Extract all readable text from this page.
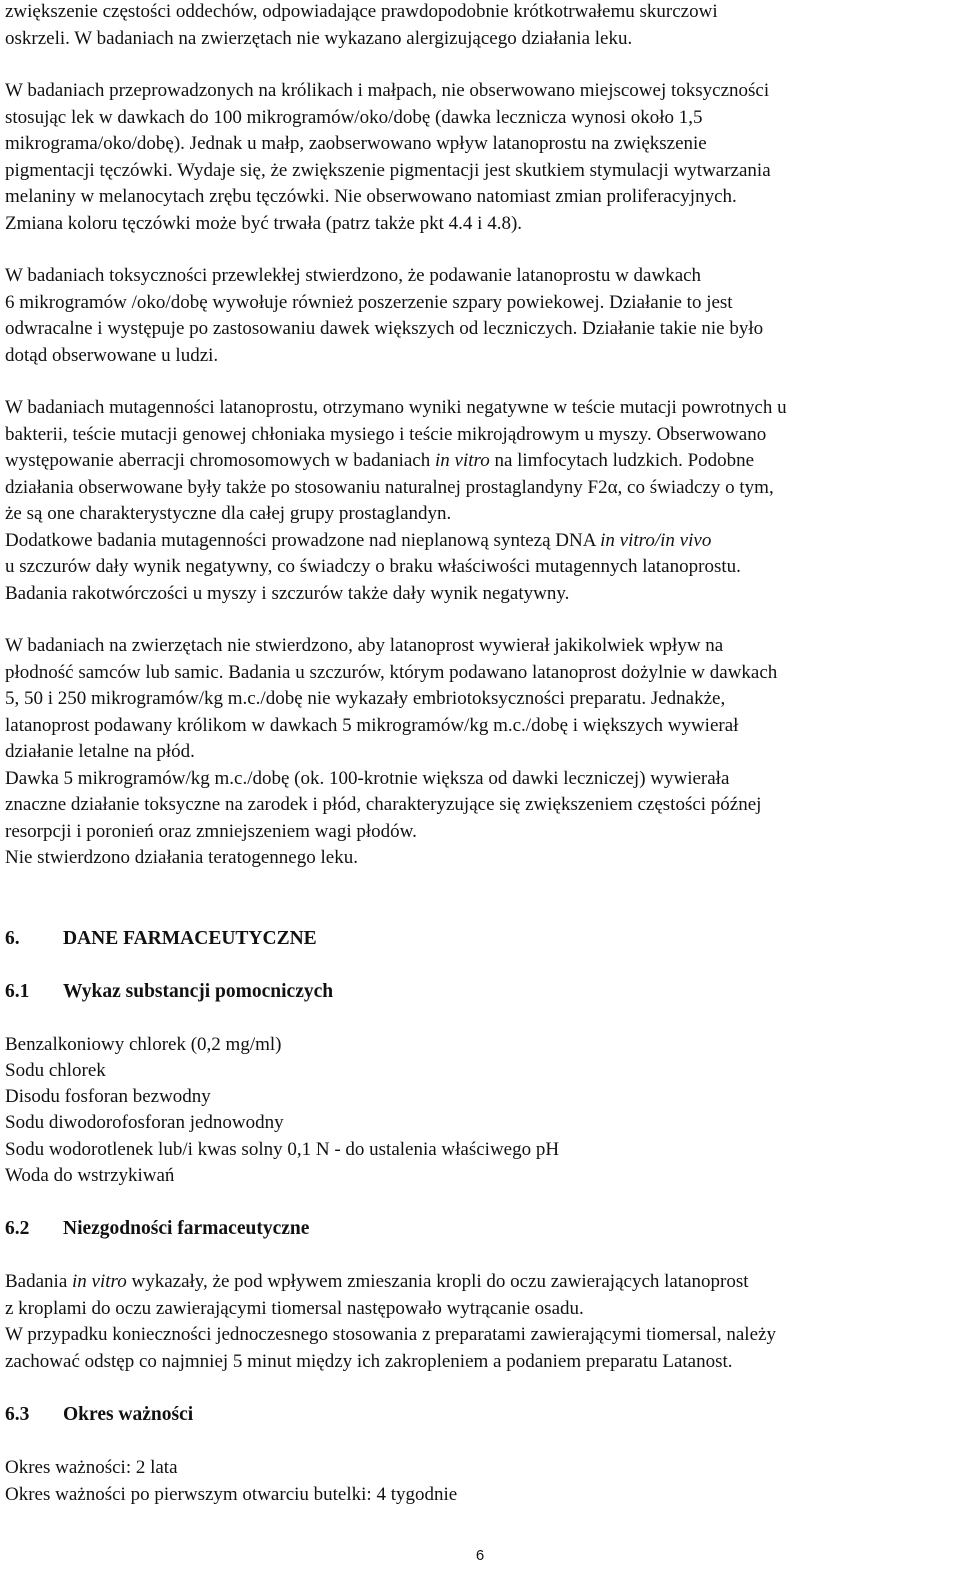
zwiększenie częstości oddechów, odpowiadające prawdopodobnie krótkotrwałemu skurczowi
oskrzeli. W badaniach na zwierzętach nie wykazano alergizującego działania leku.

W badaniach przeprowadzonych na królikach i małpach, nie obserwowano miejscowej toksyczności
stosując lek w dawkach do 100 mikrogramów/oko/dobę (dawka lecznicza wynosi około 1,5
mikrograma/oko/dobę). Jednak u małp, zaobserwowano wpływ latanoprostu na zwiększenie
pigmentacji tęczówki. Wydaje się, że zwiększenie pigmentacji jest skutkiem stymulacji wytwarzania
melaniny w melanocytach zrębu tęczówki. Nie obserwowano natomiast zmian proliferacyjnych.
Zmiana koloru tęczówki może być trwała (patrz także pkt 4.4 i 4.8).

W badaniach toksyczności przewlekłej stwierdzono, że podawanie latanoprostu w dawkach
6 mikrogramów /oko/dobę wywołuje również poszerzenie szpary powiekowej. Działanie to jest
odwracalne i występuje po zastosowaniu dawek większych od leczniczych. Działanie takie nie było
dotąd obserwowane u ludzi.

W badaniach mutagenności latanoprostu, otrzymano wyniki negatywne w teście mutacji powrotnych u
bakterii, teście mutacji genowej chłoniaka mysiego i teście mikrojądrowym u myszy. Obserwowano
występowanie aberracji chromosomowych w badaniach in vitro na limfocytach ludzkich. Podobne
działania obserwowane były także po stosowaniu naturalnej prostaglandyny F2α, co świadczy o tym,
że są one charakterystyczne dla całej grupy prostaglandyn.
Dodatkowe badania mutagenności prowadzone nad nieplanową syntezą DNA in vitro/in vivo
u szczurów dały wynik negatywny, co świadczy o braku właściwości mutagennych latanoprostu.
Badania rakotwórczości u myszy i szczurów także dały wynik negatywny.

W badaniach na zwierzętach nie stwierdzono, aby latanoprost wywierał jakikolwiek wpływ na
płodność samców lub samic. Badania u szczurów, którym podawano latanoprost dożylnie w dawkach
5, 50 i 250 mikrogramów/kg m.c./dobę nie wykazały embriotoksyczności preparatu. Jednakże,
latanoprost podawany królikom w dawkach 5 mikrogramów/kg m.c./dobę i większych wywierał
działanie letalne na płód.
Dawka 5 mikrogramów/kg m.c./dobę (ok. 100-krotnie większa od dawki leczniczej) wywierała
znaczne działanie toksyczne na zarodek i płód, charakteryzujące się zwiększeniem częstości późnej
resorpcji i poronień oraz zmniejszeniem wagi płodów.
Nie stwierdzono działania teratogennego leku.

6. DANE FARMACEUTYCZNE

6.1 Wykaz substancji pomocniczych

Benzalkoniowy chlorek (0,2 mg/ml)
Sodu chlorek
Disodu fosforan bezwodny
Sodu diwodorofosforan jednowodny
Sodu wodorotlenek lub/i kwas solny 0,1 N - do ustalenia właściwego pH
Woda do wstrzykiwań

6.2 Niezgodności farmaceutyczne

Badania in vitro wykazały, że pod wpływem zmieszania kropli do oczu zawierających latanoprost
z kroplami do oczu zawierającymi tiomersal następowało wytrącanie osadu.
W przypadku konieczności jednoczesnego stosowania z preparatami zawierającymi tiomersal, należy
zachować odstęp co najmniej 5 minut między ich zakropleniem a podaniem preparatu Latanost.

6.3 Okres ważności

Okres ważności: 2 lata
Okres ważności po pierwszym otwarciu butelki: 4 tygodnie
6
